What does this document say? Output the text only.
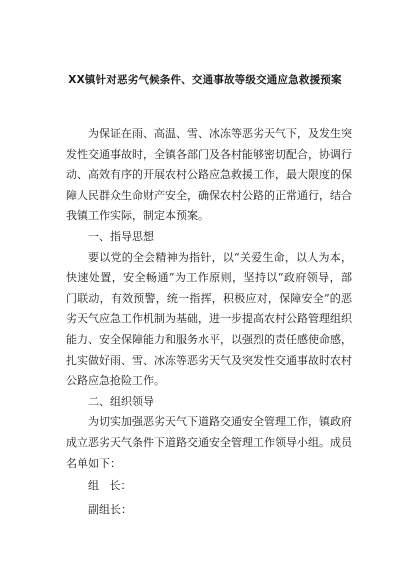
XX镇针对恶劣气候条件、交通事故等级交通应急救援预案

为保证在雨、高温、雪、冰冻等恶劣天气下，及发生突发性交通事故时，全镇各部门及各村能够密切配合，协调行动、高效有序的开展农村公路应急救援工作，最大限度的保障人民群众生命财产安全，确保农村公路的正常通行，结合我镇工作实际，制定本预案。

一、指导思想

要以党的全会精神为指针，以“关爱生命，以人为本，快速处置，安全畅通”为工作原则，坚持以“政府领导，部门联动，有效预警，统一指挥，积极应对，保障安全”的恶劣天气应急工作机制为基础，进一步提高农村公路管理组织能力、安全保障能力和服务水平，以强烈的责任感使命感，扎实做好雨、雪、冰冻等恶劣天气及突发性交通事故时农村公路应急抢险工作。

二、组织领导

为切实加强恶劣天气下道路交通安全管理工作，镇政府成立恶劣天气条件下道路交通安全管理工作领导小组。成员名单如下：

组   长：

副组长：
